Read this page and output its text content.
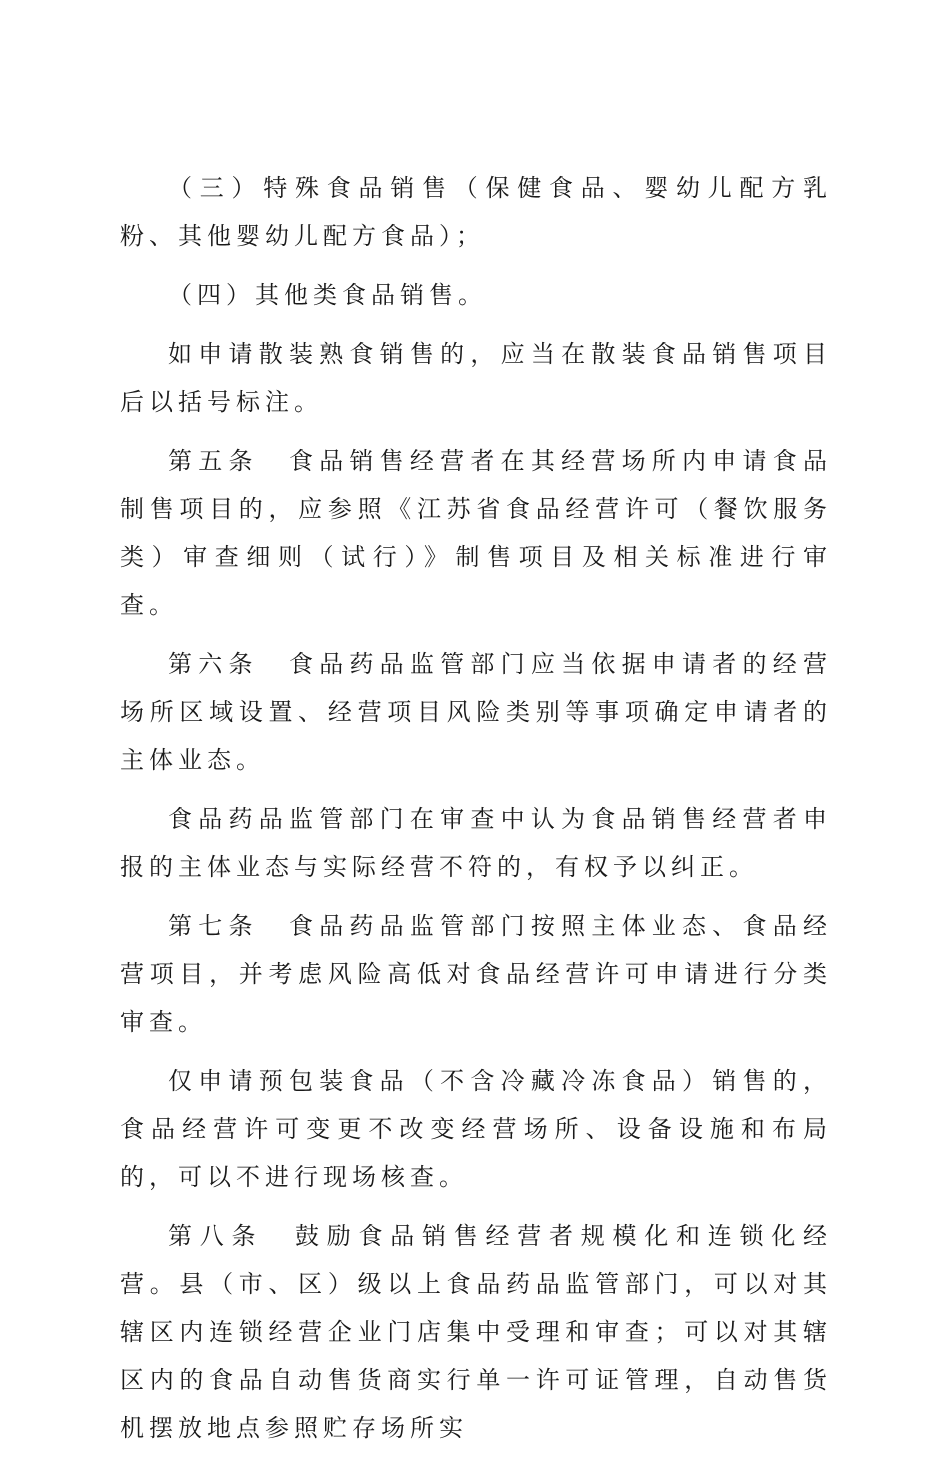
（三）特殊食品销售（保健食品、婴幼儿配方乳粉、其他婴幼儿配方食品）；

（四）其他类食品销售。

如申请散装熟食销售的，应当在散装食品销售项目后以括号标注。

第五条　食品销售经营者在其经营场所内申请食品制售项目的，应参照《江苏省食品经营许可（餐饮服务类）审查细则（试行）》制售项目及相关标准进行审查。

第六条　食品药品监管部门应当依据申请者的经营场所区域设置、经营项目风险类别等事项确定申请者的主体业态。

食品药品监管部门在审查中认为食品销售经营者申报的主体业态与实际经营不符的，有权予以纠正。

第七条　食品药品监管部门按照主体业态、食品经营项目，并考虑风险高低对食品经营许可申请进行分类审查。

仅申请预包装食品（不含冷藏冷冻食品）销售的，食品经营许可变更不改变经营场所、设备设施和布局的，可以不进行现场核查。

第八条　鼓励食品销售经营者规模化和连锁化经营。县（市、区）级以上食品药品监管部门，可以对其辖区内连锁经营企业门店集中受理和审查；可以对其辖区内的食品自动售货商实行单一许可证管理，自动售货机摆放地点参照贮存场所实
